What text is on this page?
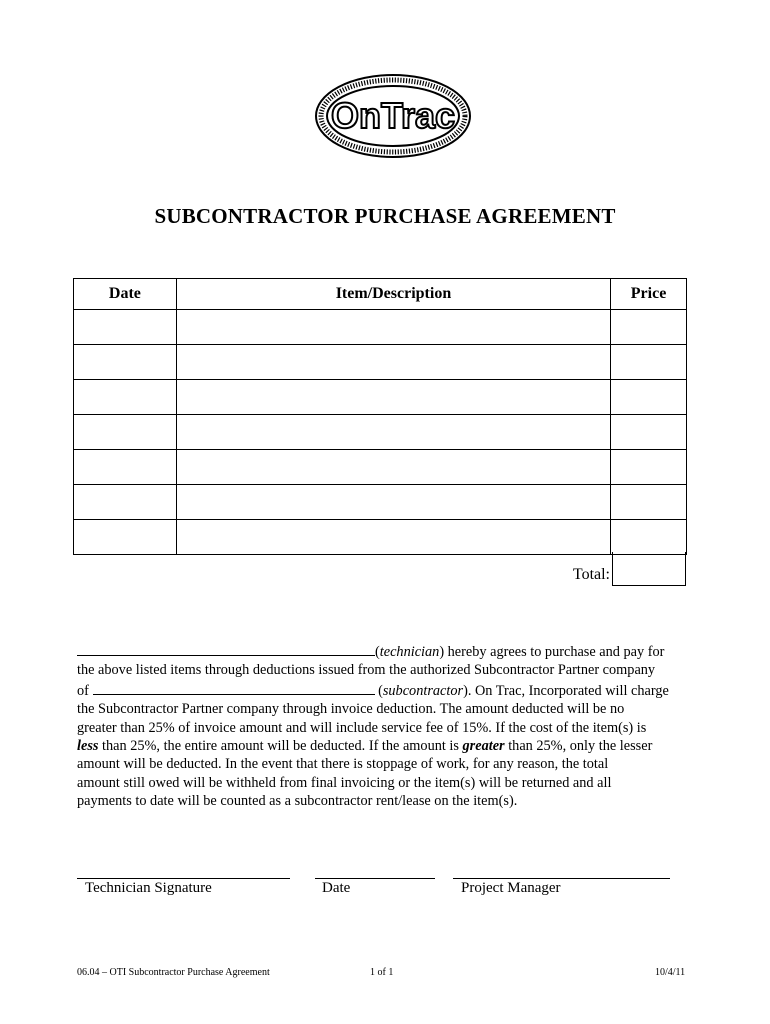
OnTrac
SUBCONTRACTOR PURCHASE AGREEMENT
Date	Item/Description	Price

Total:

(technician) hereby agrees to purchase and pay for

the above listed items through deductions issued from the authorized Subcontractor Partner company

of	(subcontractor). On Trac, Incorporated will charge

the Subcontractor Partner company through invoice deduction. The amount deducted will be no

greater than 25% of invoice amount and will include service fee of 15%. If the cost of the item(s) is

less than 25%, the entire amount will be deducted. If the amount is greater than 25%, only the lesser

amount will be deducted. In the event that there is stoppage of work, for any reason, the total

amount still owed will be withheld from final invoicing or the item(s) will be returned and all

payments to date will be counted as a subcontractor rent/lease on the item(s).

Technician Signature	Date	Project Manager
06.04 – OTI Subcontractor Purchase Agreement	1 of 1	10/4/11
